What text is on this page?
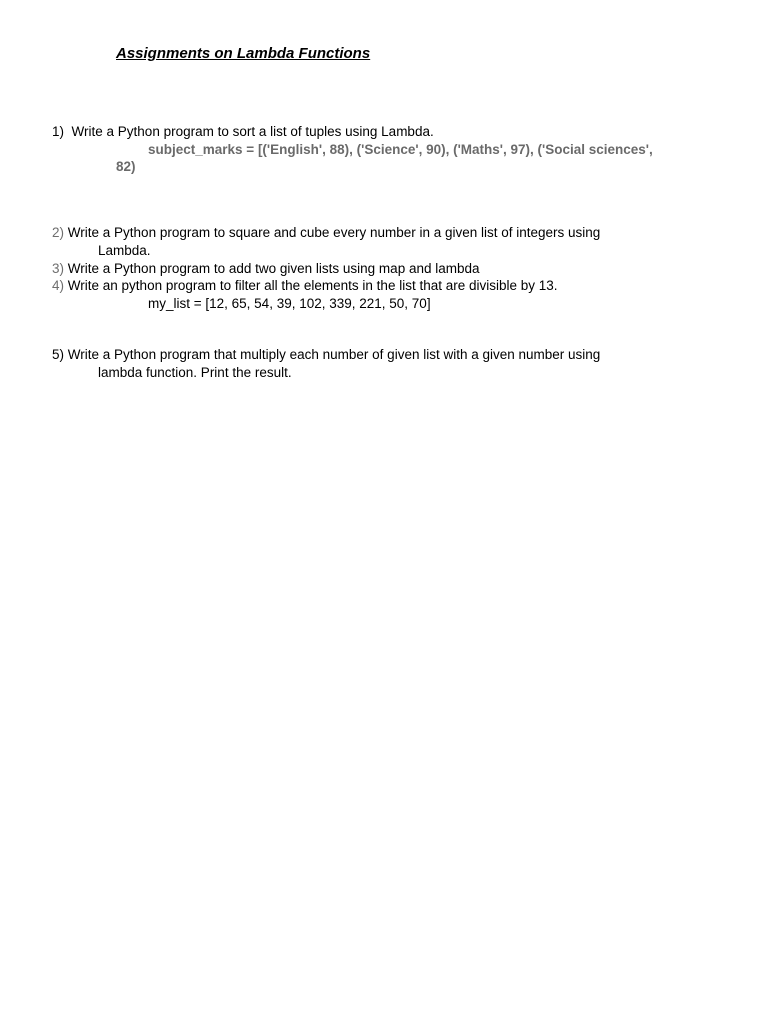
Assignments on Lambda Functions
1) Write a Python program to sort a list of tuples using Lambda.
subject_marks = [('English', 88), ('Science', 90), ('Maths', 97), ('Social sciences',
82)
2) Write a Python program to square and cube every number in a given list of integers using
Lambda.
3) Write a Python program to add two given lists using map and lambda
4) Write an python program to filter all the elements in the list that are divisible by 13.
my_list = [12, 65, 54, 39, 102, 339, 221, 50, 70]
5) Write a Python program that multiply each number of given list with a given number using
lambda function. Print the result.
